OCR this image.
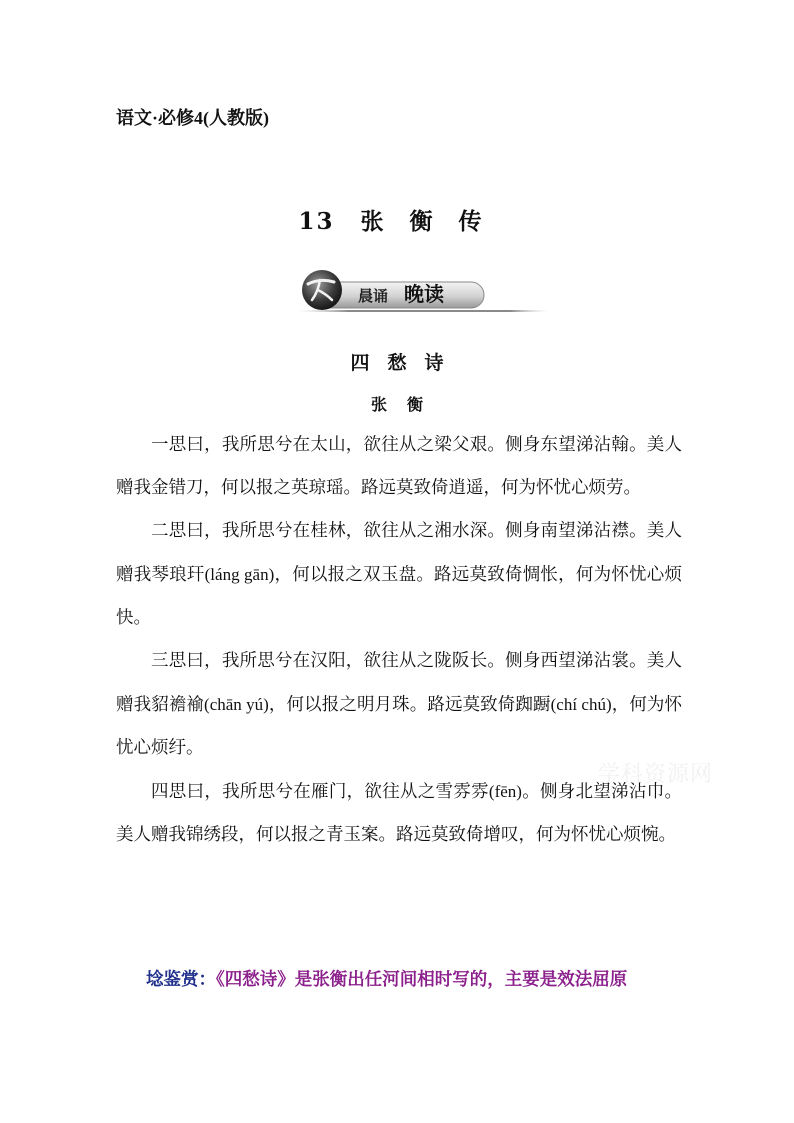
语文·必修4(人教版)
13 张 衡 传
晨诵 晚读
四 愁 诗
张 衡

一思曰，我所思兮在太山，欲往从之梁父艰。侧身东望涕沾翰。美人赠我金错刀，何以报之英琼瑶。路远莫致倚逍遥，何为怀忧心烦劳。

二思曰，我所思兮在桂林，欲往从之湘水深。侧身南望涕沾襟。美人赠我琴琅玕(láng gān)，何以报之双玉盘。路远莫致倚惆怅，何为怀忧心烦快。

三思曰，我所思兮在汉阳，欲往从之陇阪长。侧身西望涕沾裳。美人赠我貂襜褕(chān yú)，何以报之明月珠。路远莫致倚踟蹰(chí chú)，何为怀忧心烦纡。

四思曰，我所思兮在雁门，欲往从之雪雰雰(fēn)。侧身北望涕沾巾。美人赠我锦绣段，何以报之青玉案。路远莫致倚增叹，何为怀忧心烦惋。

学科资源网
埝鉴赏：《四愁诗》是张衡出任河间相时写的，主要是效法屈原
